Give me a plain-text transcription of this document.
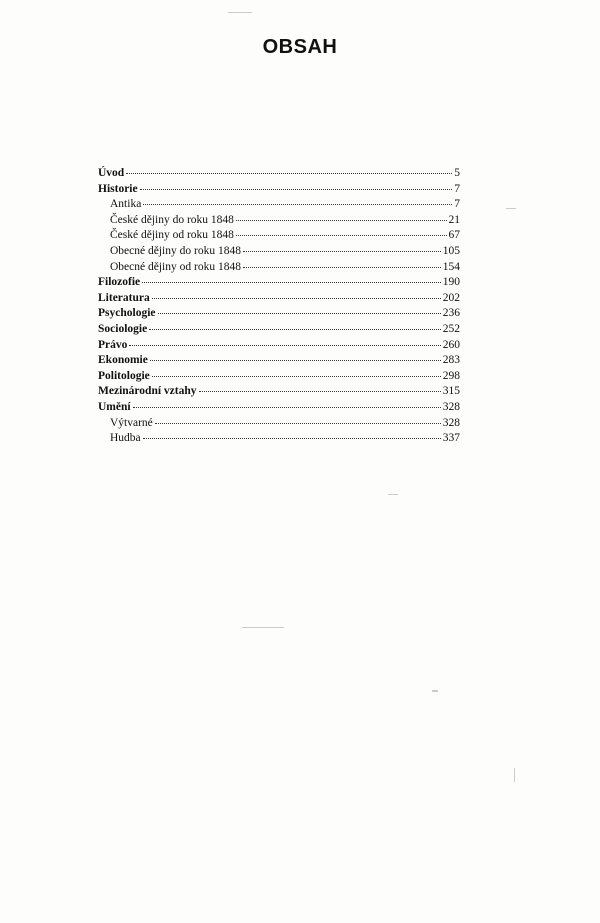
OBSAH
Úvod	5
Historie	7
Antika	7
České dějiny do roku 1848	21
České dějiny od roku 1848	67
Obecné dějiny do roku 1848	105
Obecné dějiny od roku 1848	154
Filozofie	190
Literatura	202
Psychologie	236
Sociologie	252
Právo	260
Ekonomie	283
Politologie	298
Mezinárodní vztahy	315
Umění	328
Výtvarné	328
Hudba	337
